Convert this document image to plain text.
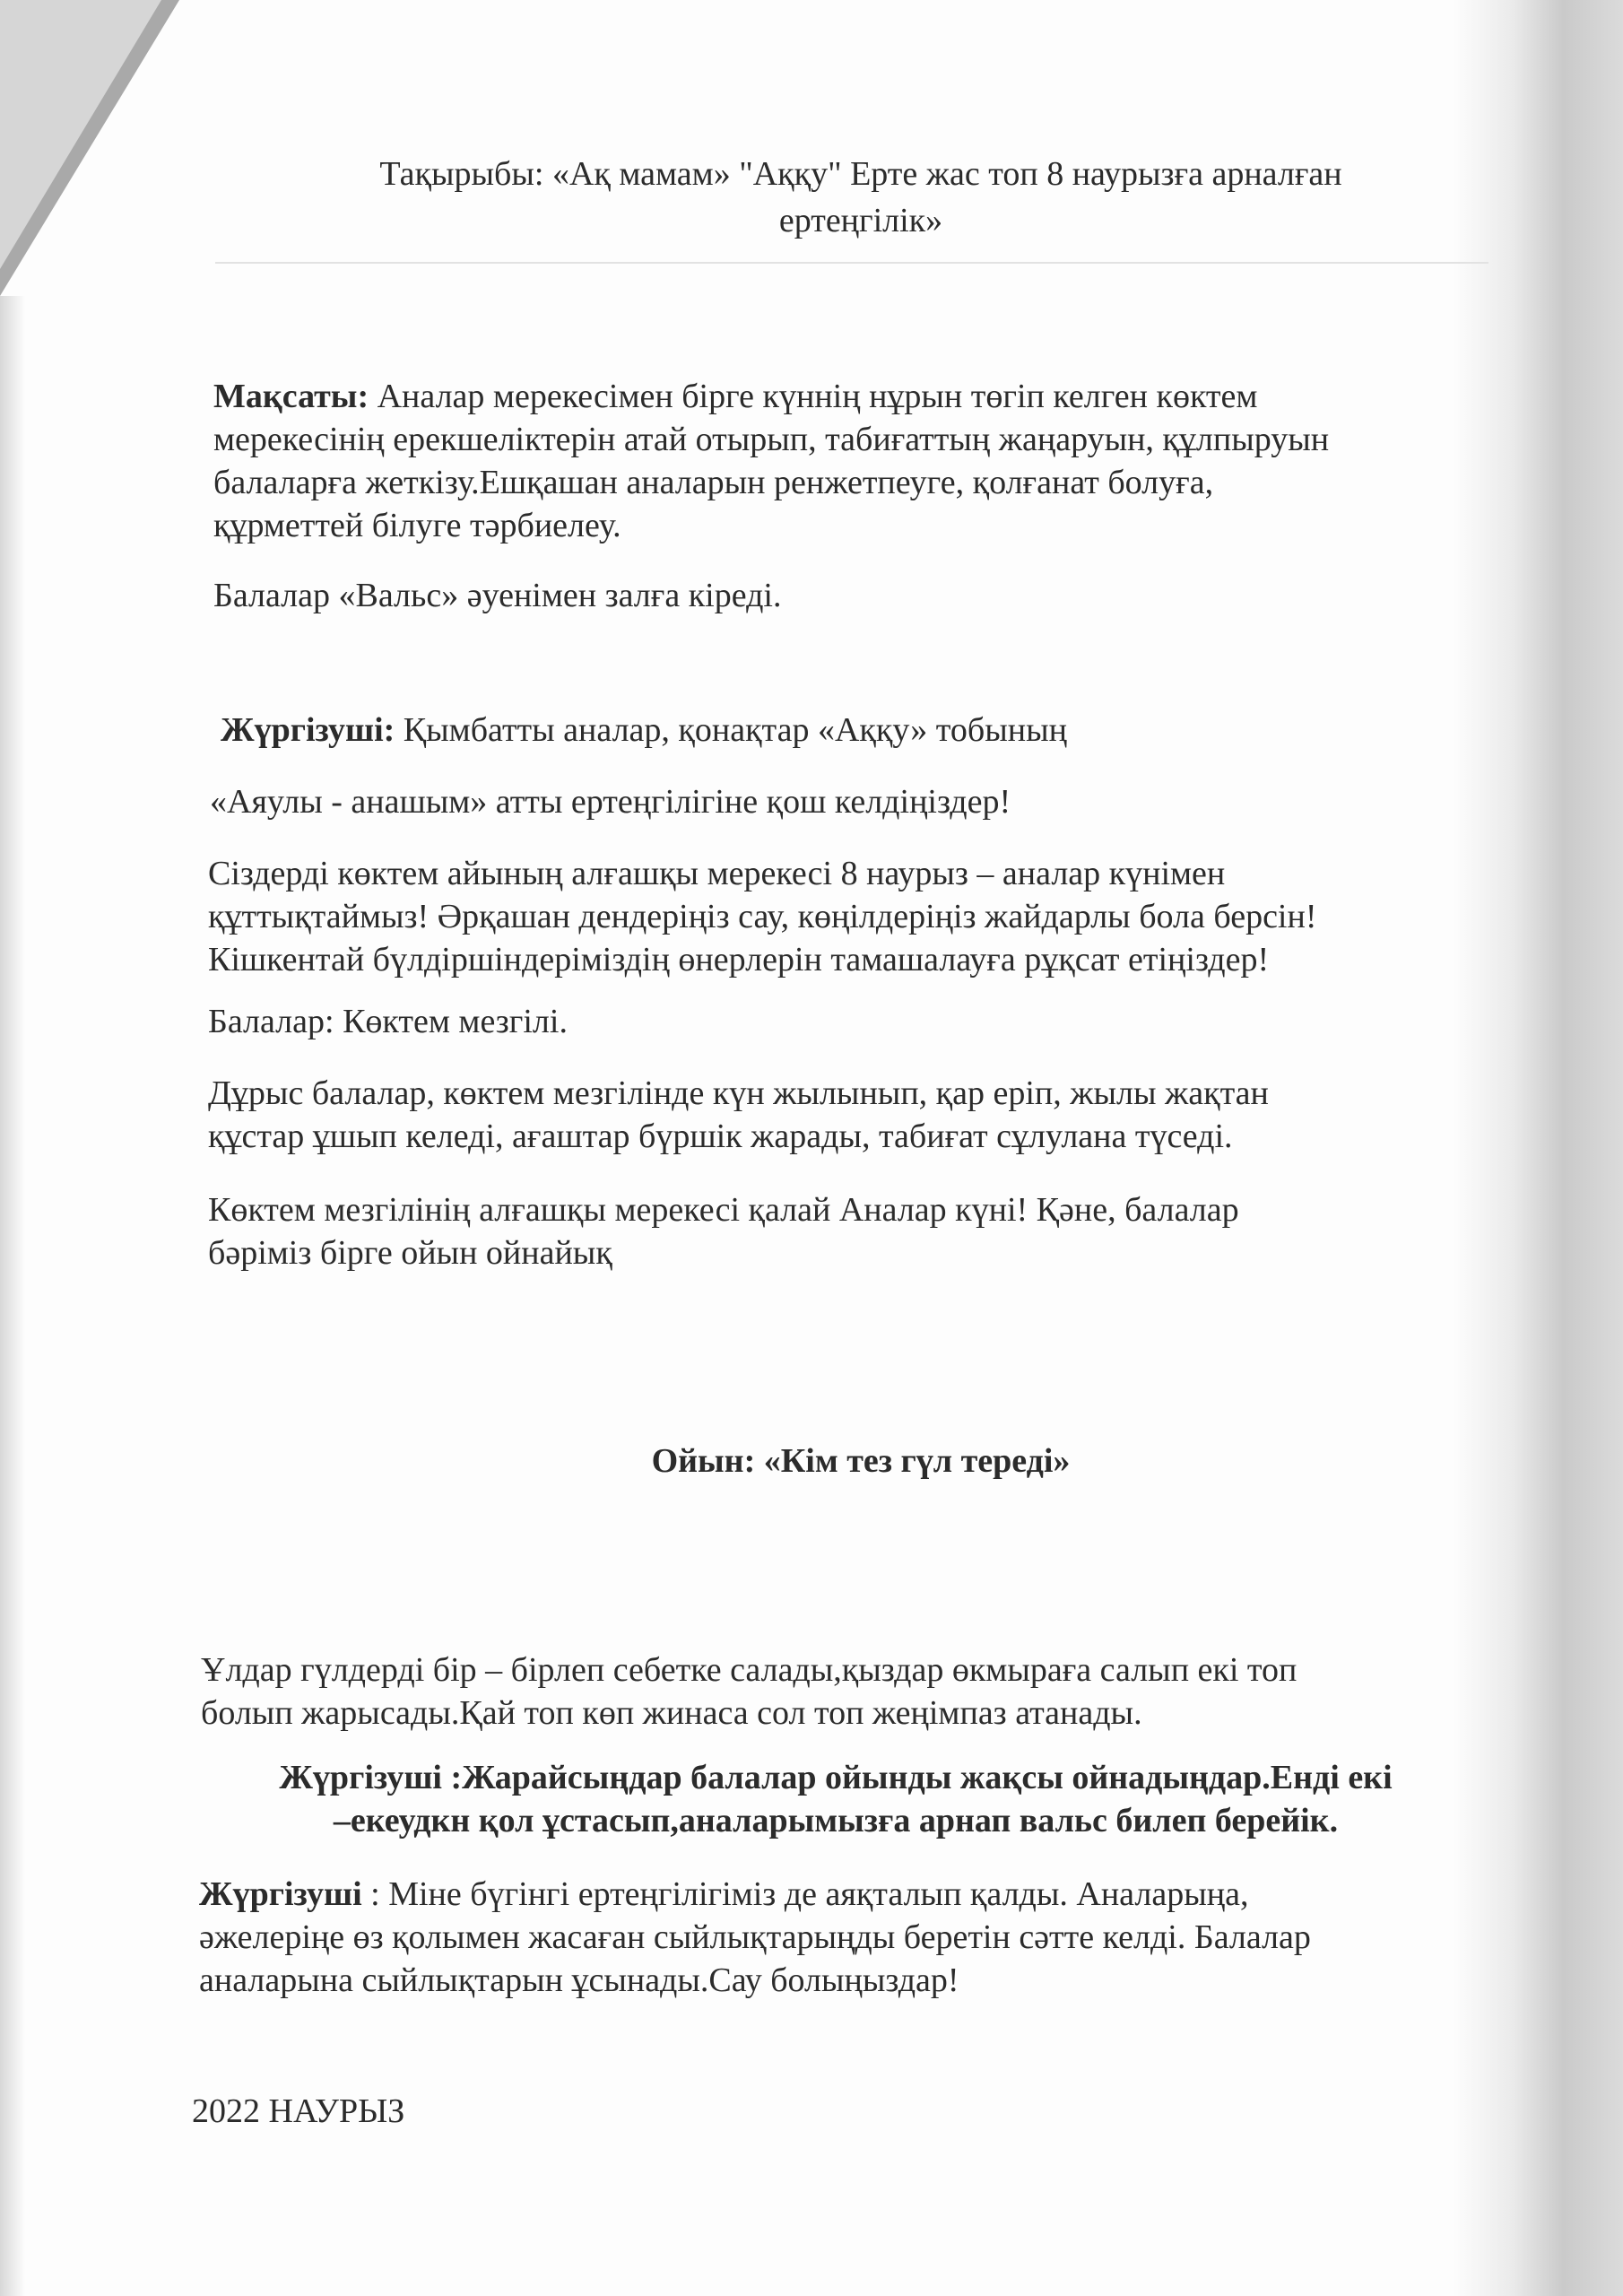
Тақырыбы: «Ақ мамам» "Аққу" Ерте жас топ 8 наурызға арналған

ертеңгілік»

Мақсаты: Аналар мерекесімен бірге күннің нұрын төгіп келген көктем

мерекесінің ерекшеліктерін атай отырып, табиғаттың жаңаруын, құлпыруын

балаларға жеткізу.Ешқашан аналарын ренжетпеуге, қолғанат болуға,

құрметтей білуге тәрбиелеу.

Балалар «Вальс» әуенімен залға кіреді.
Жүргізуші: Қымбатты аналар, қонақтар «Аққу» тобының
«Аяулы - анашым» атты ертеңгілігіне қош келдіңіздер!

Сіздерді көктем айының алғашқы мерекесі 8 наурыз – аналар күнімен

құттықтаймыз! Әрқашан дендеріңіз сау, көңілдеріңіз жайдарлы бола берсін!

Кішкентай бүлдіршіндеріміздің өнерлерін тамашалауға рұқсат етіңіздер!

Балалар: Көктем мезгілі.

Дұрыс балалар, көктем мезгілінде күн жылынып, қар еріп, жылы жақтан

құстар ұшып келеді, ағаштар бүршік жарады, табиғат сұлулана түседі.

Көктем мезгілінің алғашқы мерекесі қалай Аналар күні! Қәне, балалар

бәріміз бірге ойын ойнайық

Ойын: «Кім тез гүл тереді»

Ұлдар гүлдерді бір – бірлеп себетке салады,қыздар өкмыраға салып екі топ

болып жарысады.Қай топ көп жинаса сол топ жеңімпаз атанады.

Жүргізуші :Жарайсыңдар балалар ойынды жақсы ойнадыңдар.Енді екі

–екеудкн қол ұстасып,аналарымызға арнап вальс билеп берейік.

Жүргізуші : Міне бүгінгі ертеңгілігіміз де аяқталып қалды. Аналарыңа,

әжелеріңе өз қолымен жасаған сыйлықтарыңды беретін сәтте келді. Балалар

аналарына сыйлықтарын ұсынады.Сау болыңыздар!

2022 НАУРЫЗ
